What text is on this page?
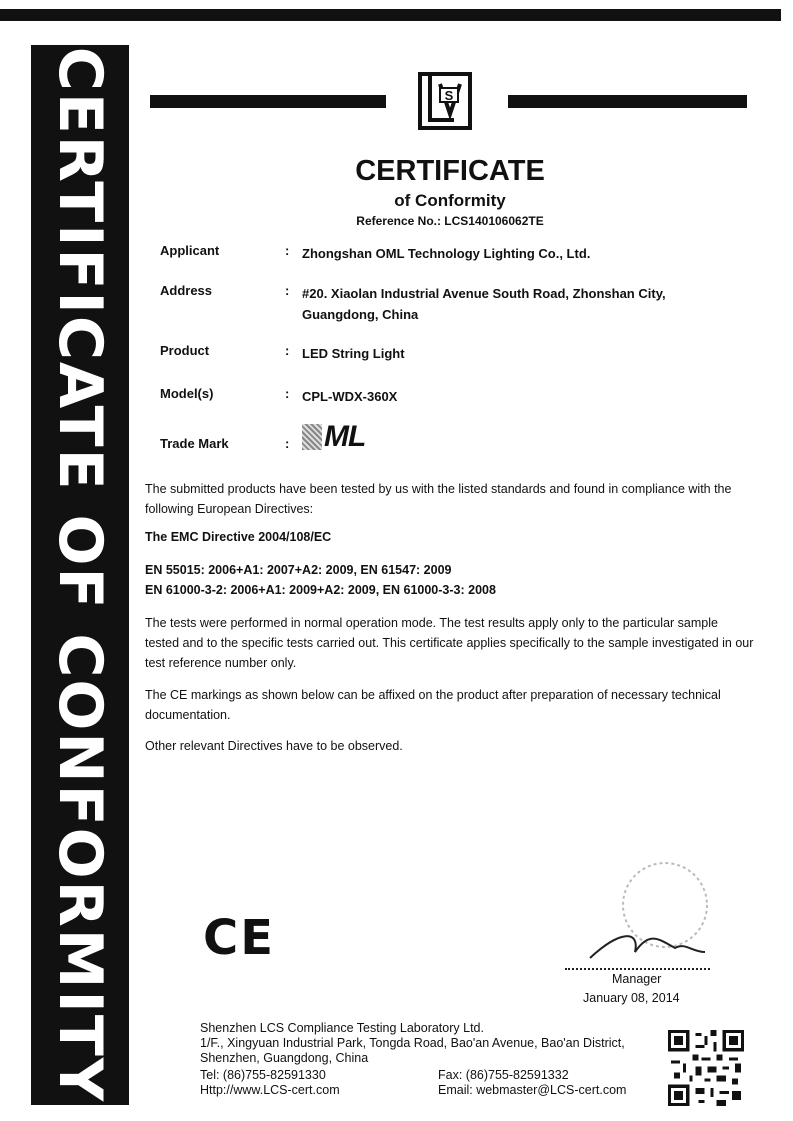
CERTIFICATE OF CONFORMITY	S
CERTIFICATE
of Conformity
Reference No.: LCS140106062TE
Applicant	: Zhongshan OML Technology Lighting Co., Ltd.
Address	: #20. Xiaolan Industrial Avenue South Road, Zhonshan City, Guangdong, China
Product	: LED String Light
Model(s)	: CPL-WDX-360X
Trade Mark	:	ML
The submitted products have been tested by us with the listed standards and found in compliance with the following European Directives:
The EMC Directive 2004/108/EC
EN 55015: 2006+A1: 2007+A2: 2009, EN 61547: 2009
EN 61000-3-2: 2006+A1: 2009+A2: 2009, EN 61000-3-3: 2008
The tests were performed in normal operation mode. The test results apply only to the particular sample tested and to the specific tests carried out. This certificate applies specifically to the sample investigated in our test reference number only.
The CE markings as shown below can be affixed on the product after preparation of necessary technical documentation.
Other relevant Directives have to be observed.
CE
Manager
January 08, 2014
Shenzhen LCS Compliance Testing Laboratory Ltd.
1/F., Xingyuan Industrial Park, Tongda Road, Bao'an Avenue, Bao'an District,
Shenzhen, Guangdong, China
Tel: (86)755-82591330	Fax: (86)755-82591332
Http://www.LCS-cert.com	Email: webmaster@LCS-cert.com
